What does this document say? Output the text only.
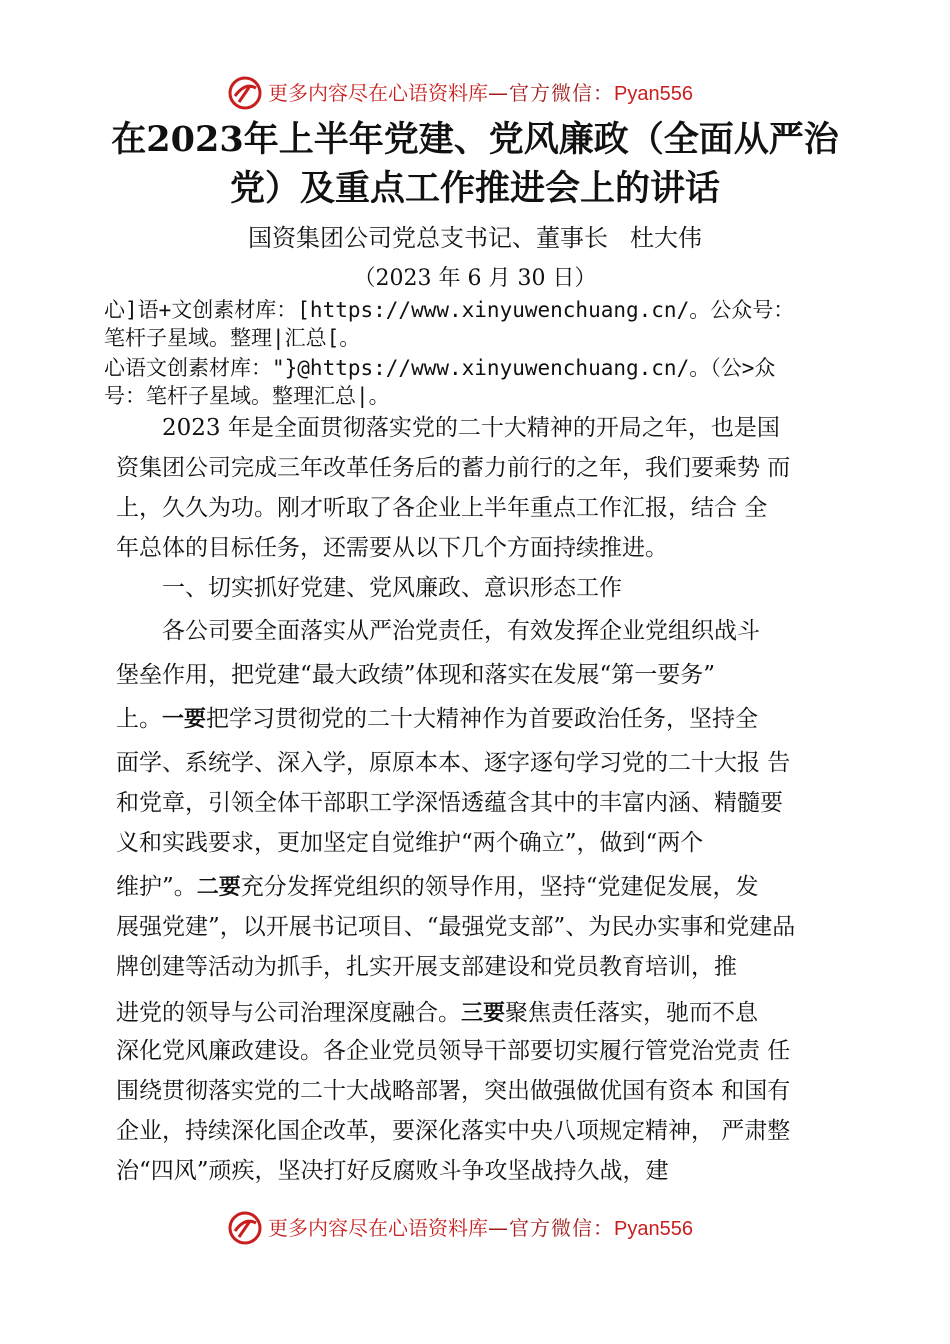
更多内容尽在心语资料库—官方微信：Pyan556
在2023年上半年党建、党风廉政（全面从严治
党）及重点工作推进会上的讲话
国资集团公司党总支书记、董事长 杜大伟
（2023 年 6 月 30 日）
心]语+文创素材库：[https://www.xinyuwenchuang.cn/。公众号：
笔杆子星域。整理|汇总[。
心语文创素材库："}@https://www.xinyuwenchuang.cn/。（公>众
号：笔杆子星域。整理汇总|。
2023 年是全面贯彻落实党的二十大精神的开局之年，也是国
资集团公司完成三年改革任务后的蓄力前行的之年，我们要乘势 而
上，久久为功。刚才听取了各企业上半年重点工作汇报，结合 全
年总体的目标任务，还需要从以下几个方面持续推进。
一、切实抓好党建、党风廉政、意识形态工作
各公司要全面落实从严治党责任，有效发挥企业党组织战斗
堡垒作用，把党建“最大政绩”体现和落实在发展“第一要务”
上。一要把学习贯彻党的二十大精神作为首要政治任务，坚持全
面学、系统学、深入学，原原本本、逐字逐句学习党的二十大报 告
和党章，引领全体干部职工学深悟透蕴含其中的丰富内涵、精髓要
义和实践要求，更加坚定自觉维护“两个确立”，做到“两个
维护”。二要充分发挥党组织的领导作用，坚持“党建促发展，发
展强党建”，以开展书记项目、“最强党支部”、为民办实事和党建品
牌创建等活动为抓手，扎实开展支部建设和党员教育培训，推
进党的领导与公司治理深度融合。三要聚焦责任落实，驰而不息
深化党风廉政建设。各企业党员领导干部要切实履行管党治党责 任
围绕贯彻落实党的二十大战略部署，突出做强做优国有资本 和国有
企业，持续深化国企改革，要深化落实中央八项规定精神， 严肃整
治“四风”顽疾，坚决打好反腐败斗争攻坚战持久战，建
更多内容尽在心语资料库—官方微信：Pyan556
